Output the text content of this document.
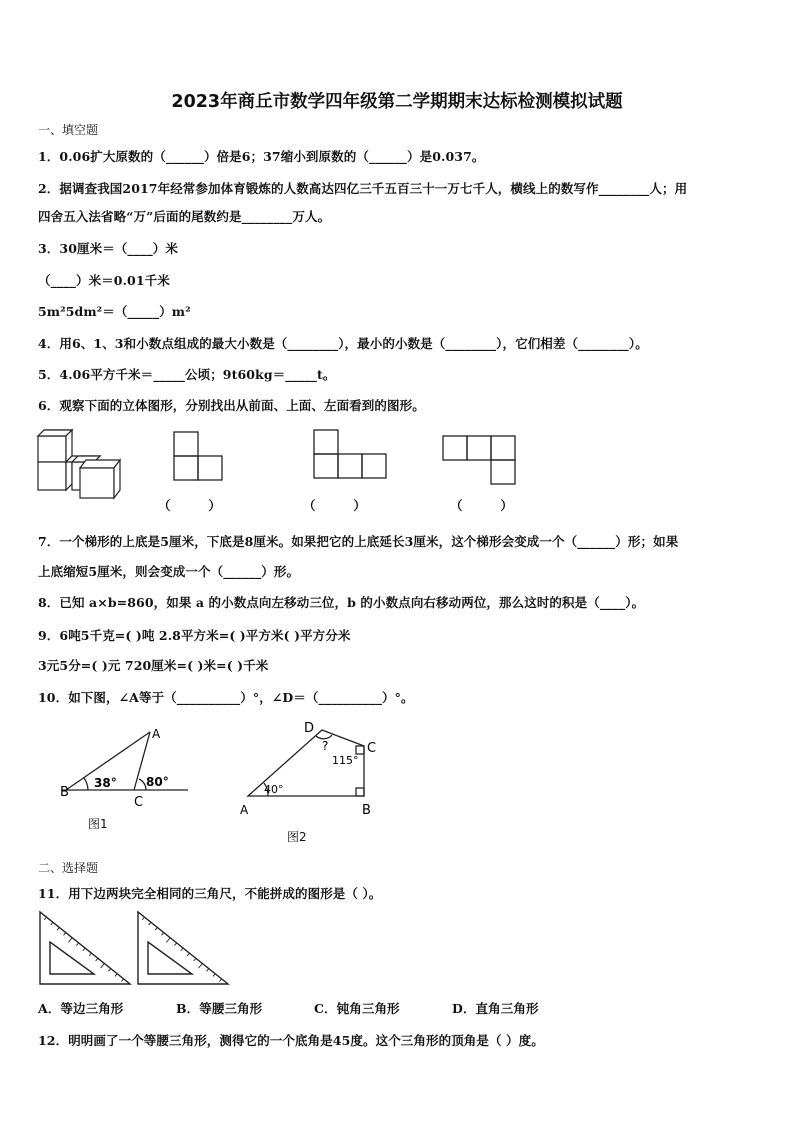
2023年商丘市数学四年级第二学期期末达标检测模拟试题
一、填空题
1．0.06扩大原数的（______）倍是6；37缩小到原数的（______）是0.037。
2．据调查我国2017年经常参加体育锻炼的人数高达四亿三千五百三十一万七千人，横线上的数写作________人；用
四舍五入法省略“万”后面的尾数约是________万人。
3．30厘米＝（____）米
（____）米＝0.01千米
5m²5dm²＝（_____）m²
4．用6、1、3和小数点组成的最大小数是（________），最小的小数是（________），它们相差（________）。
5．4.06平方千米＝_____公顷；9t60kg＝_____t。
6．观察下面的立体图形，分别找出从前面、上面、左面看到的图形。
（　　　）	（　　　）	（　　　）
7．一个梯形的上底是5厘米，下底是8厘米。如果把它的上底延长3厘米，这个梯形会变成一个（______）形；如果
上底缩短5厘米，则会变成一个（______）形。
8．已知 a×b=860，如果 a 的小数点向左移动三位，b 的小数点向右移动两位，那么这时的积是（____）。
9．6吨5千克=( )吨 2.8平方米=( )平方米( )平方分米
3元5分=( )元 720厘米=( )米=( )千米
10．如下图，∠A等于（__________）°，∠D＝（__________）°。
A
B
C
38° 80°
图1
D
C
A	B
?
115°
40°
图2
二、选择题
11．用下边两块完全相同的三角尺，不能拼成的图形是（ ）。
A．等边三角形	B．等腰三角形	C．钝角三角形	D．直角三角形
12．明明画了一个等腰三角形，测得它的一个底角是45度。这个三角形的顶角是（ ）度。
